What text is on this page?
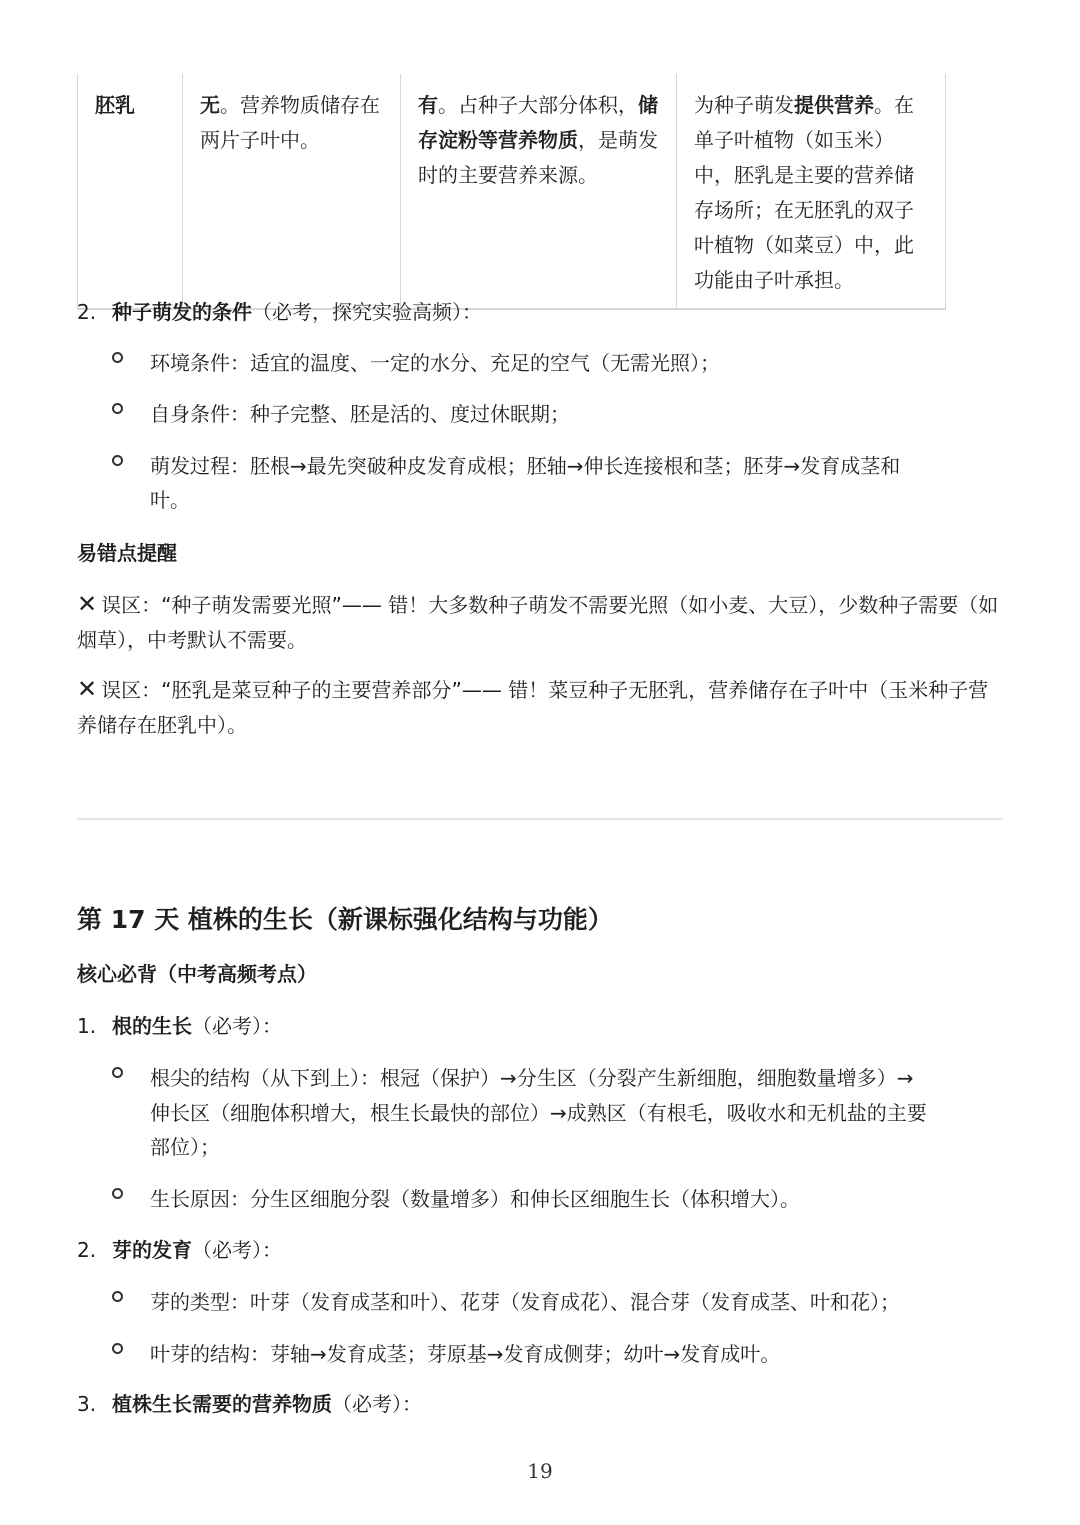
胚乳	无。营养物质储存在两片子叶中。	有。占种子大部分体积，储存淀粉等营养物质，是萌发时的主要营养来源。	为种子萌发提供营养。在单子叶植物（如玉米）中，胚乳是主要的营养储存场所；在无胚乳的双子叶植物（如菜豆）中，此功能由子叶承担。
2. 种子萌发的条件（必考，探究实验高频）：
环境条件：适宜的温度、一定的水分、充足的空气（无需光照）；
自身条件：种子完整、胚是活的、度过休眠期；
萌发过程：胚根→最先突破种皮发育成根；胚轴→伸长连接根和茎；胚芽→发育成茎和
叶。
易错点提醒
✕ 误区：“种子萌发需要光照”—— 错！大多数种子萌发不需要光照（如小麦、大豆），少数种子需要（如烟草），中考默认不需要。
✕ 误区：“胚乳是菜豆种子的主要营养部分”—— 错！菜豆种子无胚乳，营养储存在子叶中（玉米种子营养储存在胚乳中）。
第 17 天 植株的生长（新课标强化结构与功能）
核心必背（中考高频考点）
1. 根的生长（必考）：
根尖的结构（从下到上）：根冠（保护）→分生区（分裂产生新细胞，细胞数量增多）→
伸长区（细胞体积增大，根生长最快的部位）→成熟区（有根毛，吸收水和无机盐的主要
部位）；
生长原因：分生区细胞分裂（数量增多）和伸长区细胞生长（体积增大）。
2. 芽的发育（必考）：
芽的类型：叶芽（发育成茎和叶）、花芽（发育成花）、混合芽（发育成茎、叶和花）；
叶芽的结构：芽轴→发育成茎；芽原基→发育成侧芽；幼叶→发育成叶。
3. 植株生长需要的营养物质（必考）：
19
